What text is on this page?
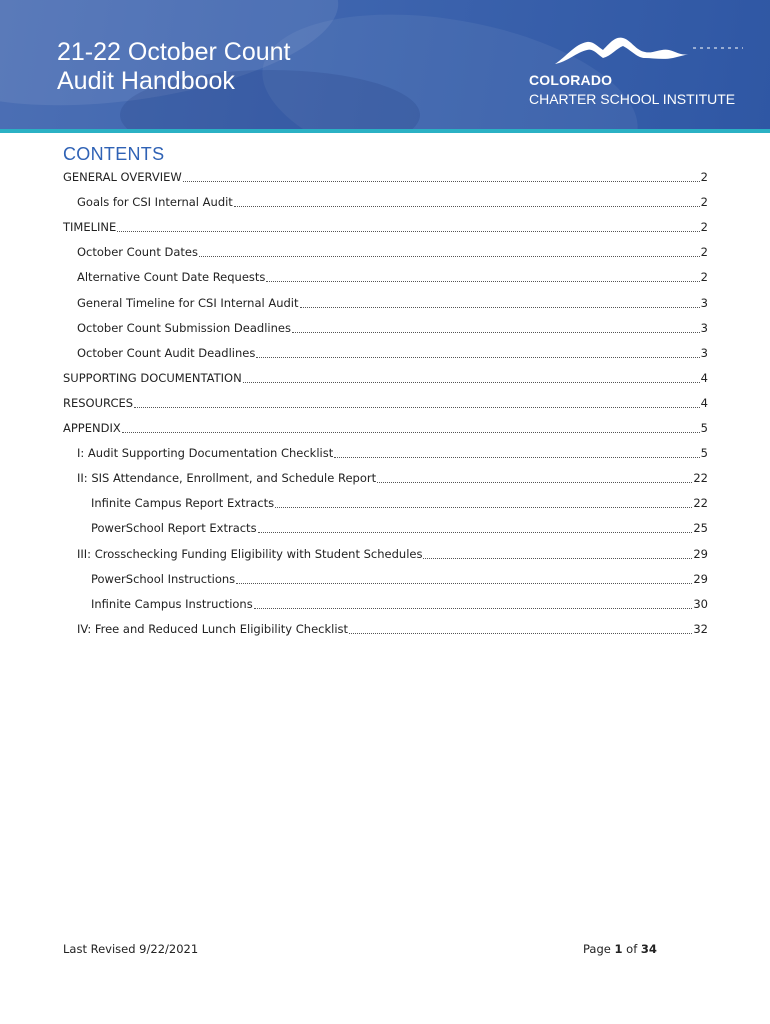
21-22 October Count
Audit Handbook	COLORADO
CHARTER SCHOOL INSTITUTE
CONTENTS
GENERAL OVERVIEW	2
Goals for CSI Internal Audit	2
TIMELINE	2
October Count Dates	2
Alternative Count Date Requests	2
General Timeline for CSI Internal Audit	3
October Count Submission Deadlines	3
October Count Audit Deadlines	3
SUPPORTING DOCUMENTATION	4
RESOURCES	4
APPENDIX	5
I: Audit Supporting Documentation Checklist	5
II: SIS Attendance, Enrollment, and Schedule Report	22
Infinite Campus Report Extracts	22
PowerSchool Report Extracts	25
III: Crosschecking Funding Eligibility with Student Schedules	29
PowerSchool Instructions	29
Infinite Campus Instructions	30
IV: Free and Reduced Lunch Eligibility Checklist	32
Last Revised 9/22/2021	Page 1 of 34
